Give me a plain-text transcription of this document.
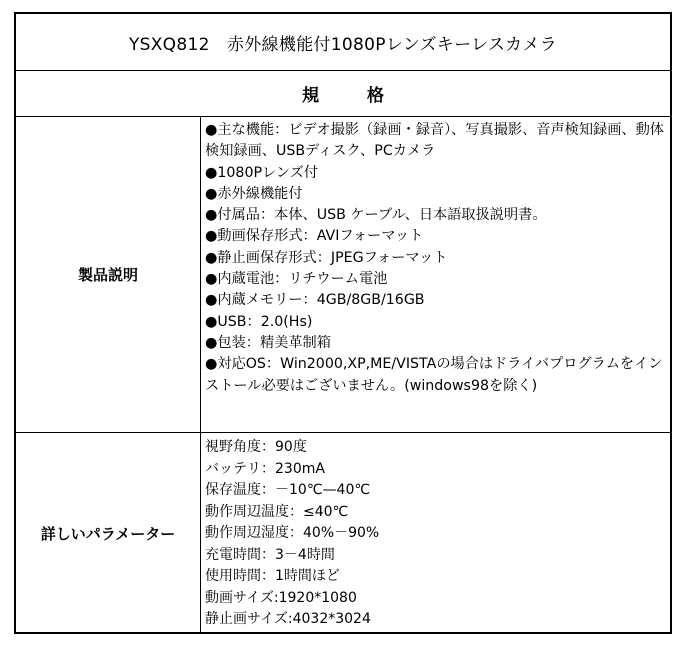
YSXQ812　赤外線機能付1080Pレンズキーレスカメラ
規格
製品説明
●主な機能：ビデオ撮影（録画・録音）、写真撮影、音声検知録画、動体検知録画、USBディスク、PCカメラ
●1080Pレンズ付
●赤外線機能付
●付属品：本体、USB ケーブル、日本語取扱説明書。
●動画保存形式：AVIフォーマット
●静止画保存形式：JPEGフォーマット
●内蔵電池：リチウーム電池
●内蔵メモリー：4GB/8GB/16GB
●USB：2.0(Hs)
●包装：精美革制箱
●対応OS：Win2000,XP,ME/VISTAの場合はドライバプログラムをインストール必要はございません。(windows98を除く)
詳しいパラメーター
視野角度：90度
バッテリ：230mA
保存温度：－10℃—40℃
動作周辺温度：≤40℃
動作周辺湿度：40%－90%
充電時間：3－4時間
使用時間：1時間ほど
動画サイズ:1920*1080
静止画サイズ:4032*3024
